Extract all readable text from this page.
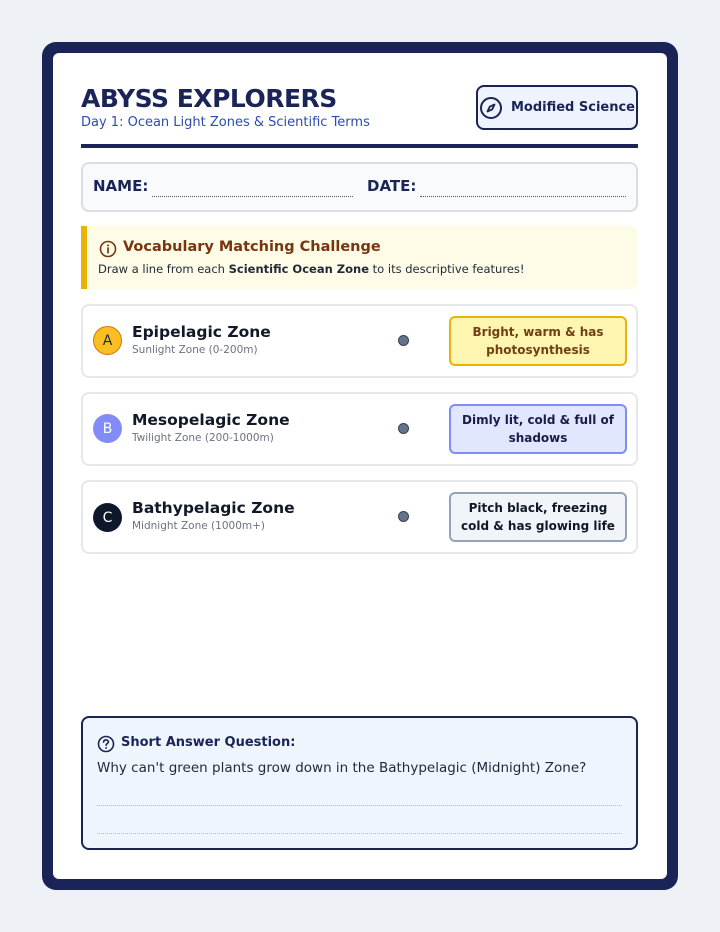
ABYSS EXPLORERS
Day 1: Ocean Light Zones & Scientific Terms
Modified Science
NAME:	DATE:
Vocabulary Matching Challenge
Draw a line from each Scientific Ocean Zone to its descriptive features!
A	Epipelagic Zone
Sunlight Zone (0-200m)
Bright, warm & has photosynthesis
B	Mesopelagic Zone
Twilight Zone (200-1000m)
Dimly lit, cold & full of shadows
C
Bathypelagic Zone
Midnight Zone (1000m+)
Pitch black, freezing cold & has glowing life
Short Answer Question:
Why can't green plants grow down in the Bathypelagic (Midnight) Zone?
